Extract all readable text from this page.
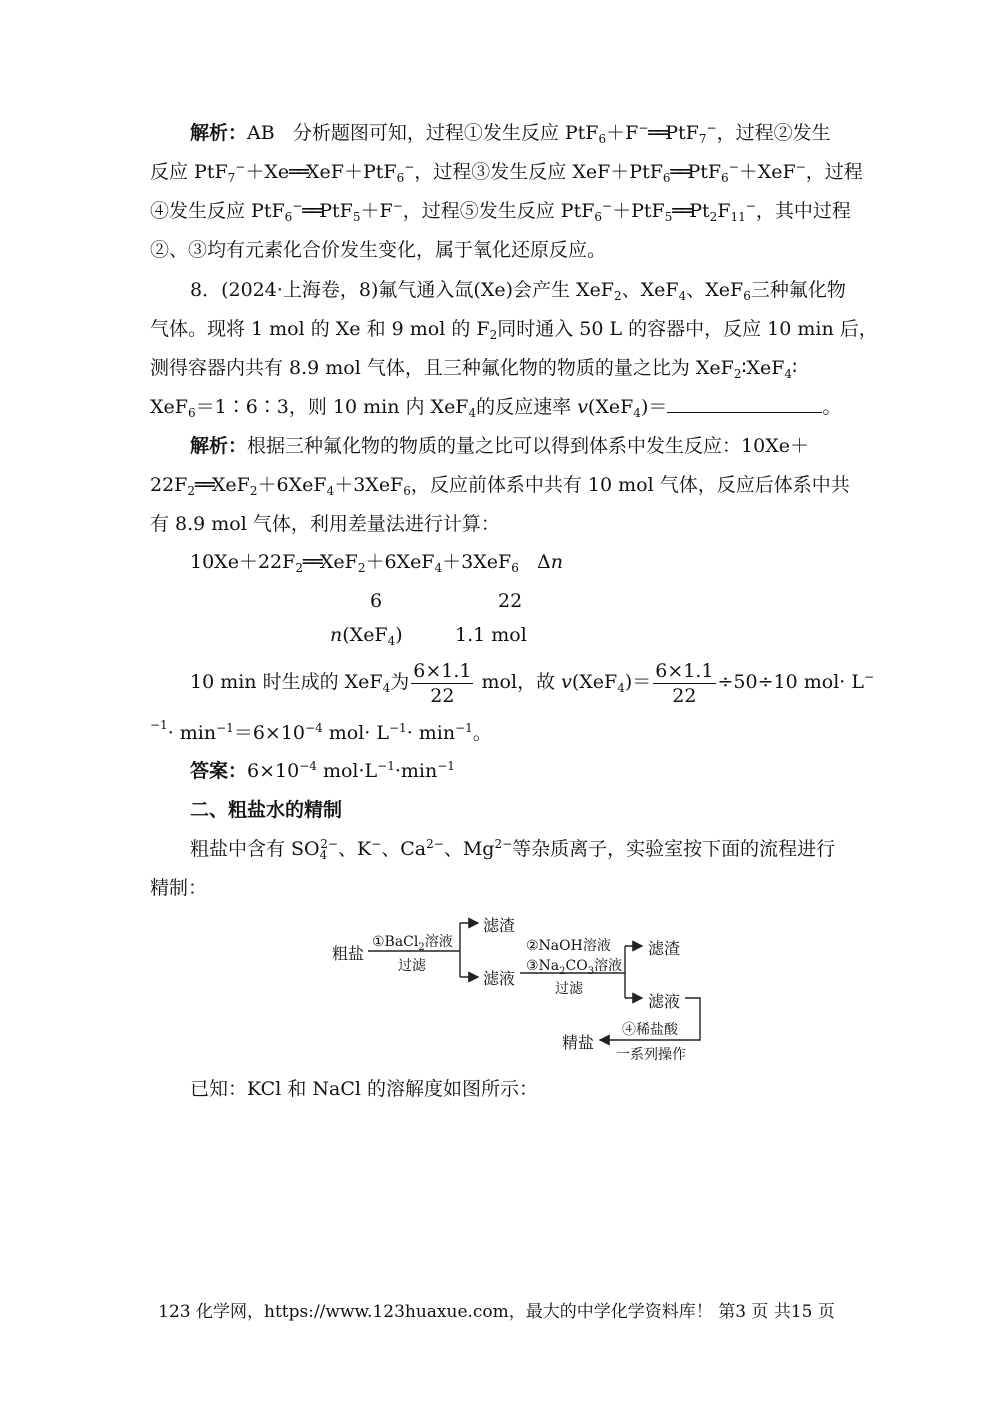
解析：AB 分析题图可知，过程①发生反应 PtF$_6$＋F−══PtF$_7$−，过程②发生
反应 PtF$_7$−＋Xe══XeF＋PtF$_6$−，过程③发生反应 XeF＋PtF$_6$══PtF$_6$−＋XeF−，过程
④发生反应 PtF$_6$−══PtF$_5$＋F−，过程⑤发生反应 $PtF_6^-+PtF_5══Pt_2F_{11}^-$，其中过程
②、③均有元素化合价发生变化，属于氧化还原反应。
8．(2024·上海卷，8)氟气通入氙(Xe)会产生 XeF$_2$、XeF$_4$、XeF$_6$三种氟化物
气体。现将 1 mol 的 Xe 和 9 mol 的 $F_2$同时通入 50 L 的容器中，反应 10 min 后，
测得容器内共有 8.9 mol 气体，且三种氟化物的物质的量之比为 XeF$_2$∶XeF$_4$∶
XeF$_6$＝1∶6∶3，则 10 min 内 XeF$_4$的反应速率 v(XeF$_4$)＝	。
解析：根据三种氟化物的物质的量之比可以得到体系中发生反应：10Xe＋
$22F_2══XeF_2+6XeF_4+3XeF_6$，反应前体系中共有 10 mol 气体，反应后体系中共
有 8.9 mol 气体，利用差量法进行计算：
$10Xe+22F_2══XeF_2+6XeF_4+3XeF_6$ Δn
6	22
n(XeF$_4$)	1.1 mol
10 min 时生成的 XeF$_4$为 $\frac{6\times 1.1}{22}$ mol，故 $v(XeF_4)= \frac{6\times 1.1}{22} \div 50\div 10$ mol· L−
$^{-1}\cdot \min^{-1}=6\times 10^{-4}$ $mol\cdot L^{-1}\cdot \min^{-1}$。
答案：$6\times 10^{-4}$ $mol\cdot L^{-1}\cdot\min^{-1}$
二、粗盐水的精制
粗盐中含有 $SO_4^{2-}$、K−、$Ca^{2-}$、$Mg^{2-}$等杂质离子，实验室按下面的流程进行
精制：
粗盐
①BaCl$_2$溶液
过滤
滤渣
滤液
②NaOH溶液
$③Na_2CO_3$溶液
过滤
滤渣
滤液
④稀盐酸
一系列操作
精盐
已知：KCl 和 NaCl 的溶解度如图所示：
123 化学网，https://www.123huaxue.com，最大的中学化学资料库！ 第3 页 共15 页
